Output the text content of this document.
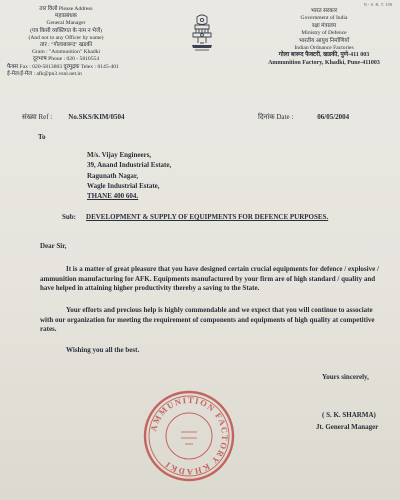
N - S. B. T. 198
तार विलो Please Address
महाप्रबंधक
General Manager
(पत्र किसी व्यक्तिगत के नाम न भेजें)
(And not to any Officer by name)
तार : "गोलाबारूद" खडकी
Gram : "Ammunition" Khadki
दूरभाष Phone : 020 - 5810554
फैक्स Fax : 020-5813803 दूरमुद्रक Telex : 0145-401
ई-मेल/ई-मेल : afk@pn3.vsnl.net.in
भारत सरकार
Government of India
रक्षा मंत्रालय
Ministry of Defence
भारतीय आयुध निर्माणियाँ
Indian Ordnance Factories
गोला बारूद फैक्टरी, खडकी, पुणे-411 003
Ammunition Factory, Khadki, Pune-411003
संख्या Ref : No.SKS/KIM/0504	दिनांक Date :	06/05/2004
To
M/s. Vijay Engineers,
39, Anand Industrial Estate,
Ragunath Nagar,
Wagle Industrial Estate,
THANE 400 604.
Sub: DEVELOPMENT & SUPPLY OF EQUIPMENTS FOR DEFENCE PURPOSES.
Dear Sir,
It is a matter of great pleasure that you have designed certain crucial equipments for defence / explosive / ammunition manufacturing for AFK. Equipments manufactured by your firm are of high standard / quality and have helped in attaining higher productivity thereby a saving to the State.
Your efforts and precious help is highly commendable and we expect that you will continue to associate with our organization for meeting the requirement of components and equipments of high quality at competitive rates.
Wishing you all the best.
Yours sincerely,
AMMUNITION FACTORY KHADKI
( S. K. SHARMA)
Jt. General Manager
